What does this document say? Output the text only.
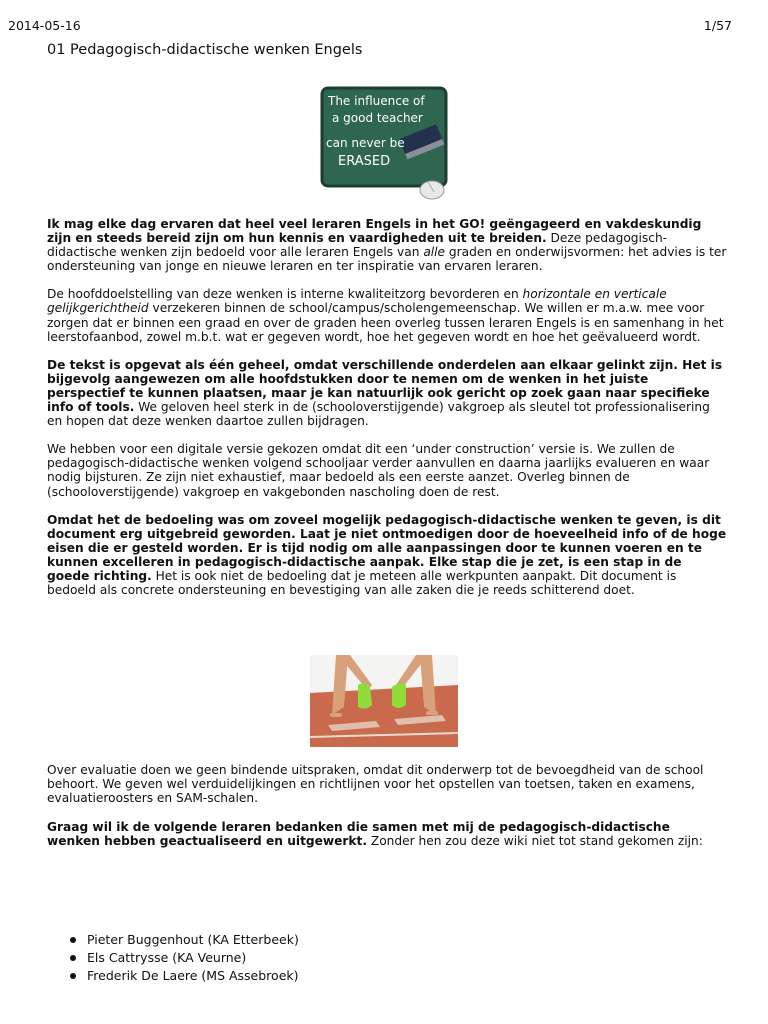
2014-05-16	1/57
01 Pedagogisch-didactische wenken Engels
The influence of
a good teacher
can never be
ERASED

Ik mag elke dag ervaren dat heel veel leraren Engels in het GO! geëngageerd en vakdeskundig zijn en steeds bereid zijn om hun kennis en vaardigheden uit te breiden. Deze pedagogisch-didactische wenken zijn bedoeld voor alle leraren Engels van alle graden en onderwijsvormen: het advies is ter ondersteuning van jonge en nieuwe leraren en ter inspiratie van ervaren leraren.

De hoofddoelstelling van deze wenken is interne kwaliteitzorg bevorderen en horizontale en verticale gelijkgerichtheid verzekeren binnen de school/campus/scholengemeenschap. We willen er m.a.w. mee voor zorgen dat er binnen een graad en over de graden heen overleg tussen leraren Engels is en samenhang in het leerstofaanbod, zowel m.b.t. wat er gegeven wordt, hoe het gegeven wordt en hoe het geëvalueerd wordt.

De tekst is opgevat als één geheel, omdat verschillende onderdelen aan elkaar gelinkt zijn. Het is bijgevolg aangewezen om alle hoofdstukken door te nemen om de wenken in het juiste perspectief te kunnen plaatsen, maar je kan natuurlijk ook gericht op zoek gaan naar specifieke info of tools. We geloven heel sterk in de (schooloverstijgende) vakgroep als sleutel tot professionalisering en hopen dat deze wenken daartoe zullen bijdragen.

We hebben voor een digitale versie gekozen omdat dit een ‘under construction’ versie is. We zullen de pedagogisch-didactische wenken volgend schooljaar verder aanvullen en daarna jaarlijks evalueren en waar nodig bijsturen. Ze zijn niet exhaustief, maar bedoeld als een eerste aanzet. Overleg binnen de (schooloverstijgende) vakgroep en vakgebonden nascholing doen de rest.

Omdat het de bedoeling was om zoveel mogelijk pedagogisch-didactische wenken te geven, is dit document erg uitgebreid geworden. Laat je niet ontmoedigen door de hoeveelheid info of de hoge eisen die er gesteld worden. Er is tijd nodig om alle aanpassingen door te kunnen voeren en te kunnen excelleren in pedagogisch-didactische aanpak. Elke stap die je zet, is een stap in de goede richting. Het is ook niet de bedoeling dat je meteen alle werkpunten aanpakt. Dit document is bedoeld als concrete ondersteuning en bevestiging van alle zaken die je reeds schitterend doet.

Over evaluatie doen we geen bindende uitspraken, omdat dit onderwerp tot de bevoegdheid van de school behoort. We geven wel verduidelijkingen en richtlijnen voor het opstellen van toetsen, taken en examens, evaluatieroosters en SAM-schalen.

Graag wil ik de volgende leraren bedanken die samen met mij de pedagogisch-didactische wenken hebben geactualiseerd en uitgewerkt. Zonder hen zou deze wiki niet tot stand gekomen zijn:

Pieter Buggenhout (KA Etterbeek)
Els Cattrysse (KA Veurne)
Frederik De Laere (MS Assebroek)
